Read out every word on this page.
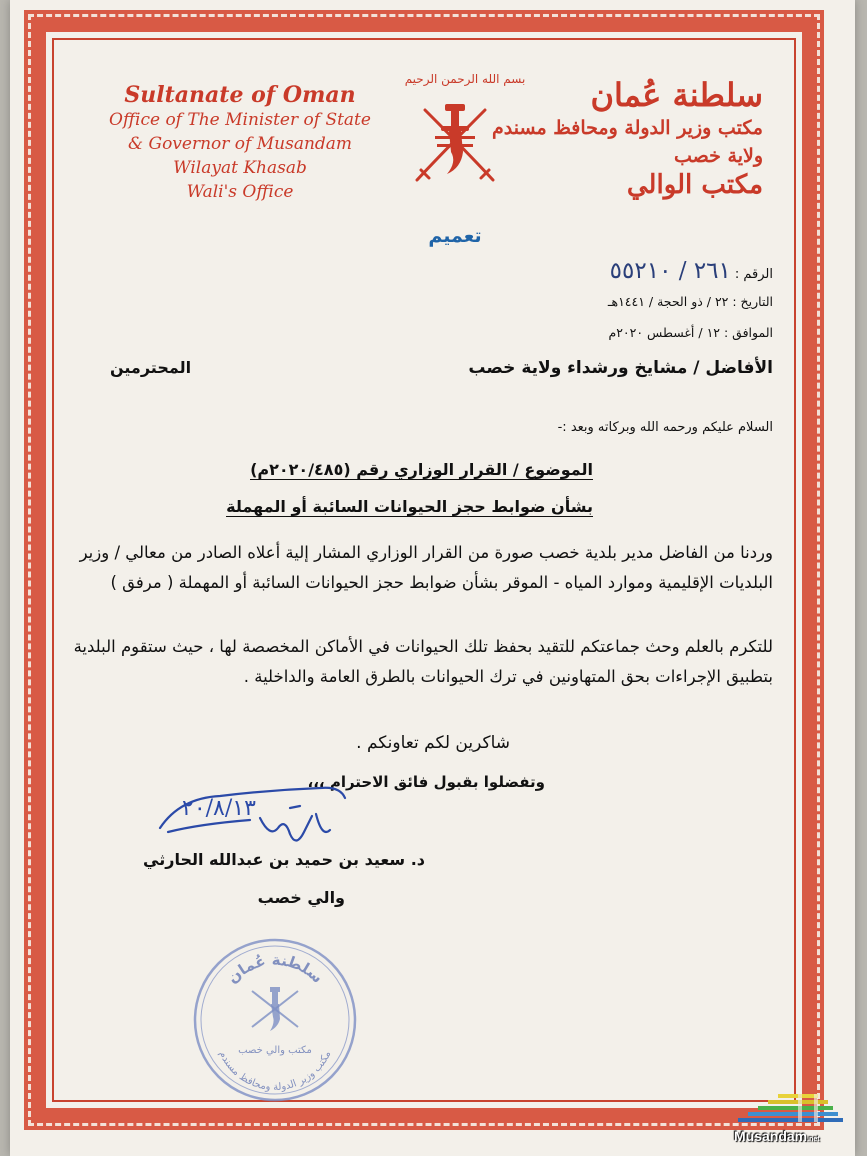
Sultanate of Oman
Office of The Minister of State
& Governor of Musandam
Wilayat Khasab
Wali's Office
سلطنة عُمان
مكتب وزير الدولة ومحافظ مسندم
ولاية خصب
مكتب الوالي
بسم الله الرحمن الرحيم
تعميم
الرقم :٢٦١ / ٥٥٢١٠
التاريخ : ٢٢ / ذو الحجة / ١٤٤١هـ
الموافق : ١٢ / أغسطس ٢٠٢٠م
الأفاضل / مشايخ ورشداء ولاية خصب
المحترمين
السلام عليكم ورحمه الله وبركاته وبعد :-
الموضوع / القرار الوزاري رقم (٢٠٢٠/٤٨٥م)
بشأن ضوابط حجز الحيوانات السائبة أو المهملة
وردنا من الفاضل مدير بلدية خصب صورة من القرار الوزاري المشار إلية أعلاه الصادر من معالي / وزير البلديات الإقليمية وموارد المياه - الموقر بشأن ضوابط حجز الحيوانات السائبة أو المهملة ( مرفق )
للتكرم بالعلم وحث جماعتكم للتقيد بحفظ تلك الحيوانات في الأماكن المخصصة لها ، حيث ستقوم البلدية بتطبيق الإجراءات بحق المتهاونين في ترك الحيوانات بالطرق العامة والداخلية .
شاكرين لكم تعاونكم .
وتفضلوا بقبول فائق الاحترام ،،،
٢٠/٨/١٣
د. سعيد بن حميد بن عبدالله الحارثي
والي خصب
سلطنة عُمان
مكتب وزير الدولة ومحافظ مسندم
مكتب والي خصب
Musandam.net
